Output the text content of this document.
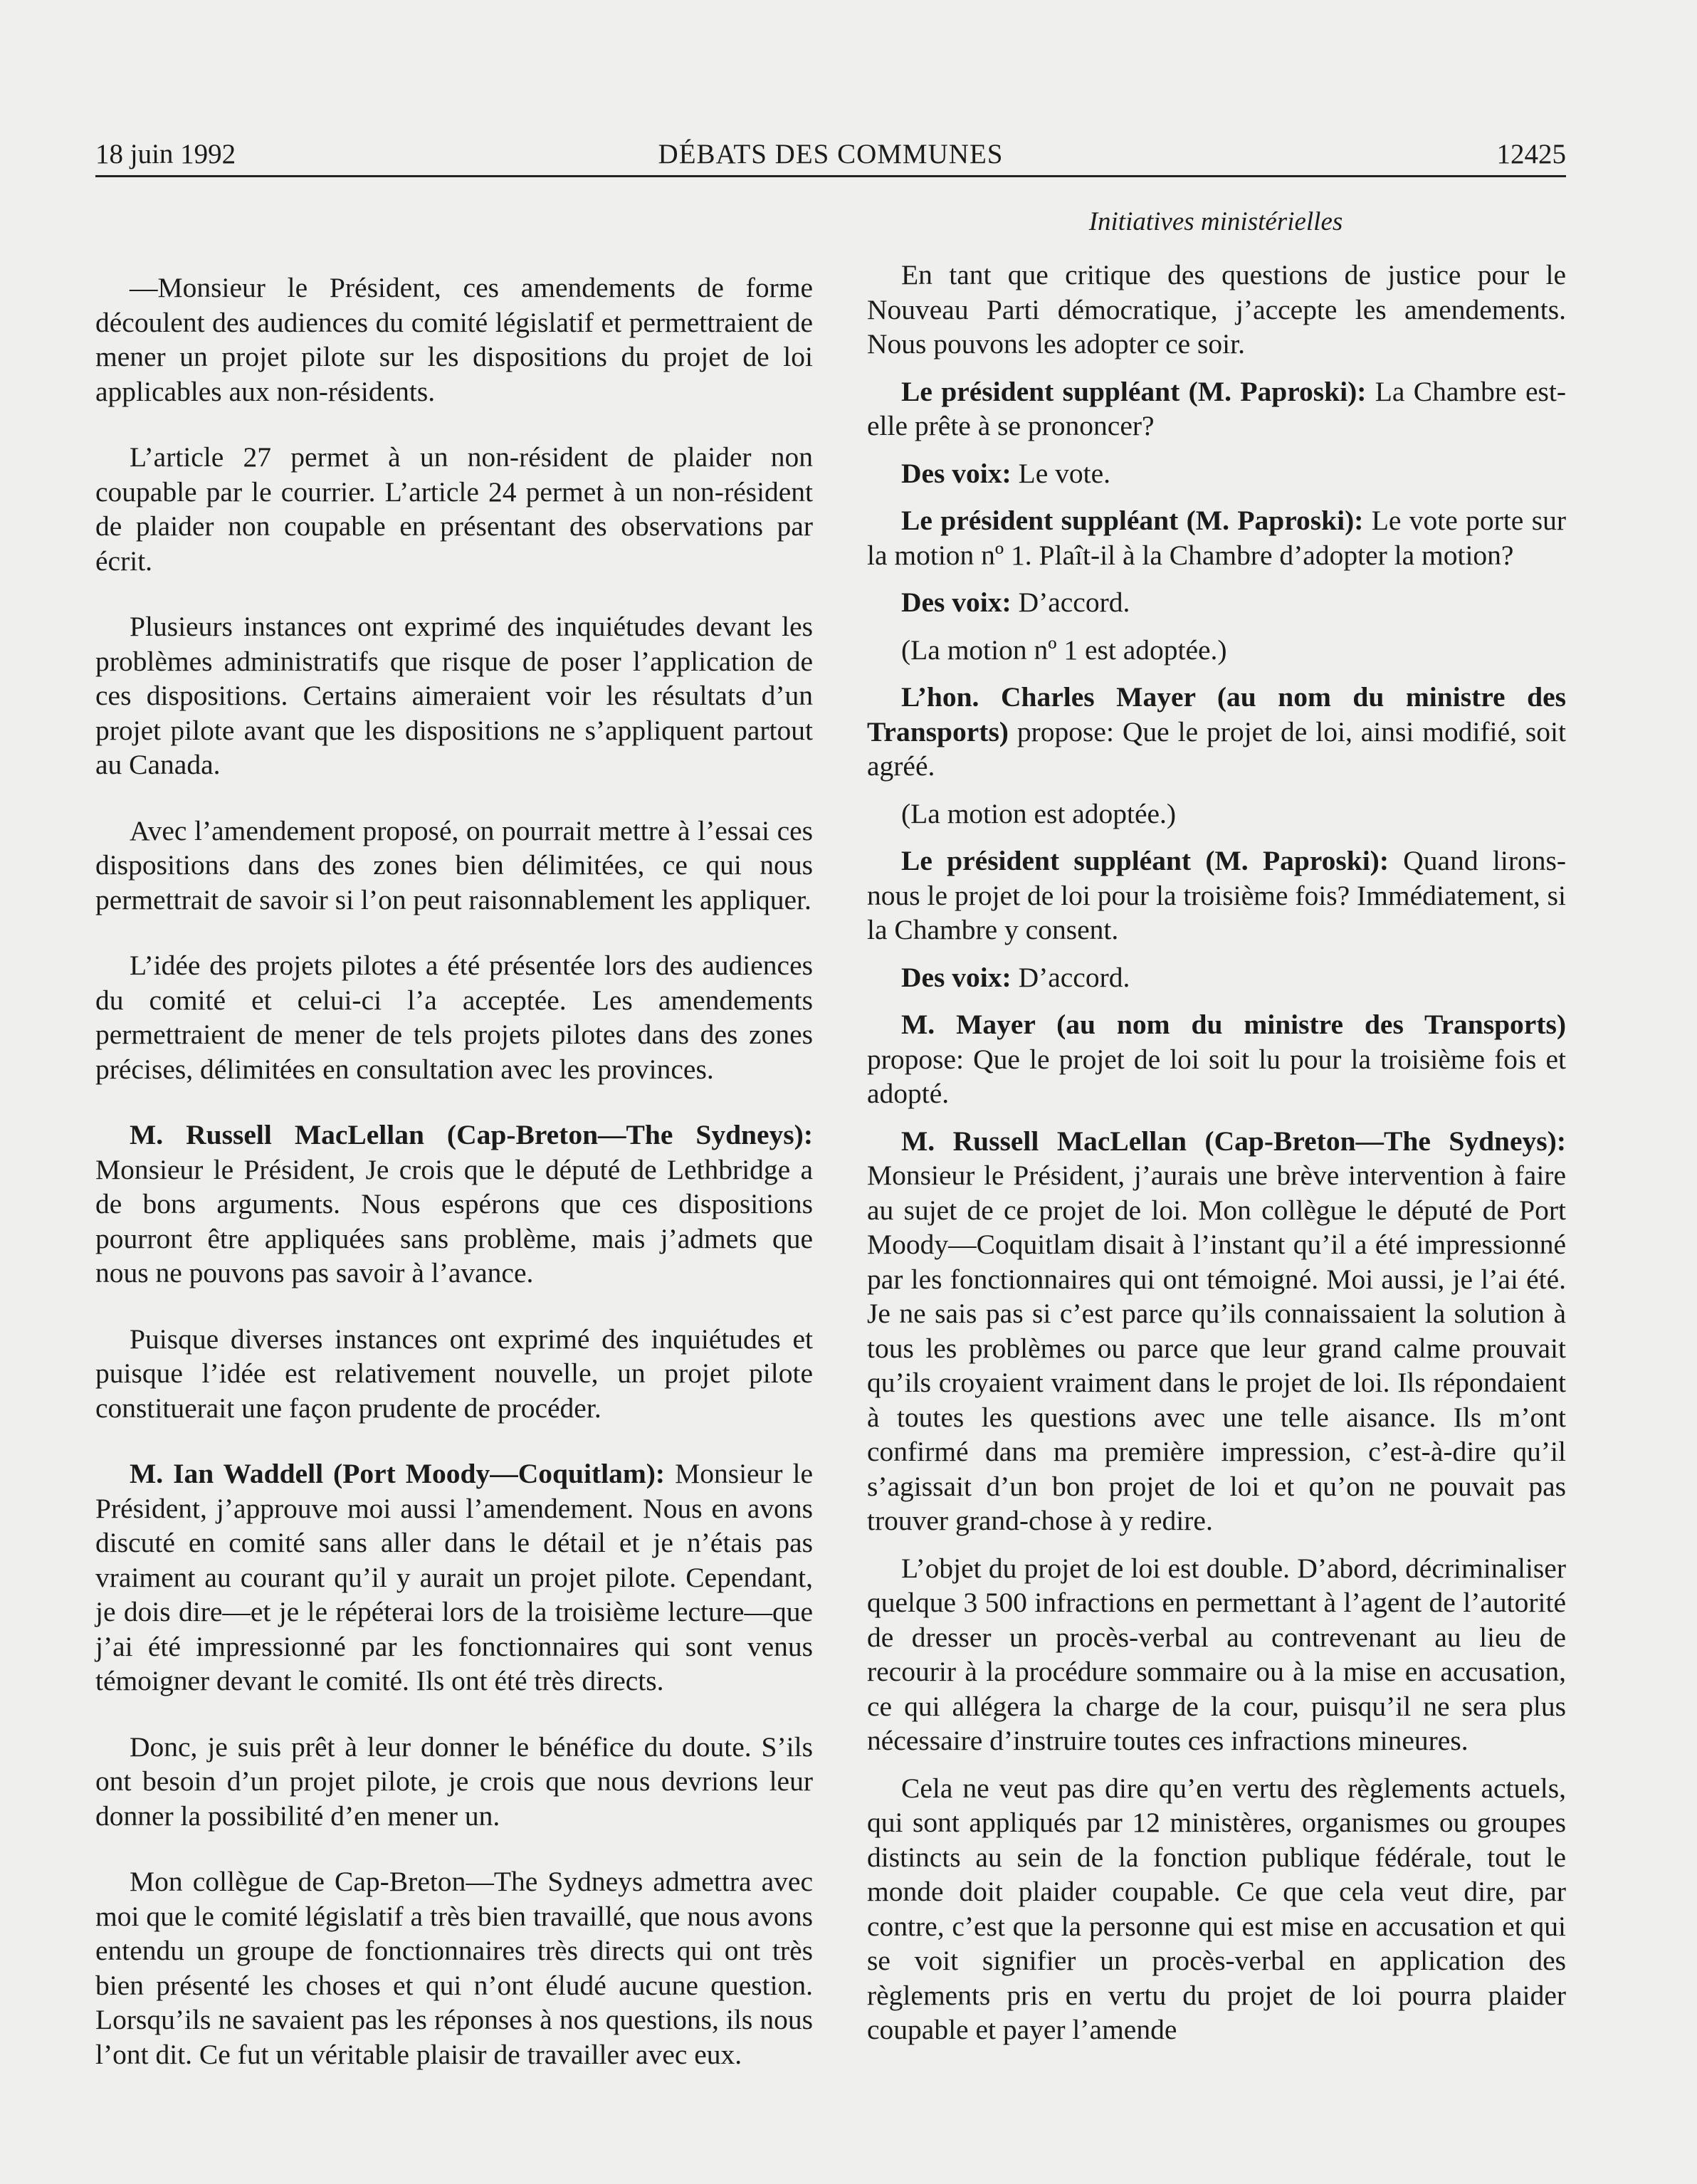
18 juin 1992	DÉBATS DES COMMUNES	12425
Initiatives ministérielles

—Monsieur le Président, ces amendements de forme découlent des audiences du comité législatif et permettraient de mener un projet pilote sur les dispositions du projet de loi applicables aux non-résidents.

L’article 27 permet à un non-résident de plaider non coupable par le courrier. L’article 24 permet à un non-résident de plaider non coupable en présentant des observations par écrit.

Plusieurs instances ont exprimé des inquiétudes devant les problèmes administratifs que risque de poser l’application de ces dispositions. Certains aimeraient voir les résultats d’un projet pilote avant que les dispositions ne s’appliquent partout au Canada.

Avec l’amendement proposé, on pourrait mettre à l’essai ces dispositions dans des zones bien délimitées, ce qui nous permettrait de savoir si l’on peut raisonnablement les appliquer.

L’idée des projets pilotes a été présentée lors des audiences du comité et celui-ci l’a acceptée. Les amendements permettraient de mener de tels projets pilotes dans des zones précises, délimitées en consultation avec les provinces.

M. Russell MacLellan (Cap-Breton—The Sydneys): Monsieur le Président, Je crois que le député de Lethbridge a de bons arguments. Nous espérons que ces dispositions pourront être appliquées sans problème, mais j’admets que nous ne pouvons pas savoir à l’avance.

Puisque diverses instances ont exprimé des inquiétudes et puisque l’idée est relativement nouvelle, un projet pilote constituerait une façon prudente de procéder.

M. Ian Waddell (Port Moody—Coquitlam): Monsieur le Président, j’approuve moi aussi l’amendement. Nous en avons discuté en comité sans aller dans le détail et je n’étais pas vraiment au courant qu’il y aurait un projet pilote. Cependant, je dois dire—et je le répéterai lors de la troisième lecture—que j’ai été impressionné par les fonctionnaires qui sont venus témoigner devant le comité. Ils ont été très directs.

Donc, je suis prêt à leur donner le bénéfice du doute. S’ils ont besoin d’un projet pilote, je crois que nous devrions leur donner la possibilité d’en mener un.

Mon collègue de Cap-Breton—The Sydneys admettra avec moi que le comité législatif a très bien travaillé, que nous avons entendu un groupe de fonctionnaires très directs qui ont très bien présenté les choses et qui n’ont éludé aucune question. Lorsqu’ils ne savaient pas les réponses à nos questions, ils nous l’ont dit. Ce fut un véritable plaisir de travailler avec eux.

En tant que critique des questions de justice pour le Nouveau Parti démocratique, j’accepte les amendements. Nous pouvons les adopter ce soir.

Le président suppléant (M. Paproski): La Chambre est-elle prête à se prononcer?

Des voix: Le vote.

Le président suppléant (M. Paproski): Le vote porte sur la motion nº 1. Plaît-il à la Chambre d’adopter la motion?

Des voix: D’accord.

(La motion nº 1 est adoptée.)

L’hon. Charles Mayer (au nom du ministre des Transports) propose: Que le projet de loi, ainsi modifié, soit agréé.

(La motion est adoptée.)

Le président suppléant (M. Paproski): Quand lirons-nous le projet de loi pour la troisième fois? Immédiatement, si la Chambre y consent.

Des voix: D’accord.

M. Mayer (au nom du ministre des Transports) propose: Que le projet de loi soit lu pour la troisième fois et adopté.

M. Russell MacLellan (Cap-Breton—The Sydneys): Monsieur le Président, j’aurais une brève intervention à faire au sujet de ce projet de loi. Mon collègue le député de Port Moody—Coquitlam disait à l’instant qu’il a été impressionné par les fonctionnaires qui ont témoigné. Moi aussi, je l’ai été. Je ne sais pas si c’est parce qu’ils connaissaient la solution à tous les problèmes ou parce que leur grand calme prouvait qu’ils croyaient vraiment dans le projet de loi. Ils répondaient à toutes les questions avec une telle aisance. Ils m’ont confirmé dans ma première impression, c’est-à-dire qu’il s’agissait d’un bon projet de loi et qu’on ne pouvait pas trouver grand-chose à y redire.

L’objet du projet de loi est double. D’abord, décriminaliser quelque 3 500 infractions en permettant à l’agent de l’autorité de dresser un procès-verbal au contrevenant au lieu de recourir à la procédure sommaire ou à la mise en accusation, ce qui allégera la charge de la cour, puisqu’il ne sera plus nécessaire d’instruire toutes ces infractions mineures.

Cela ne veut pas dire qu’en vertu des règlements actuels, qui sont appliqués par 12 ministères, organismes ou groupes distincts au sein de la fonction publique fédérale, tout le monde doit plaider coupable. Ce que cela veut dire, par contre, c’est que la personne qui est mise en accusation et qui se voit signifier un procès-verbal en application des règlements pris en vertu du projet de loi pourra plaider coupable et payer l’amende
